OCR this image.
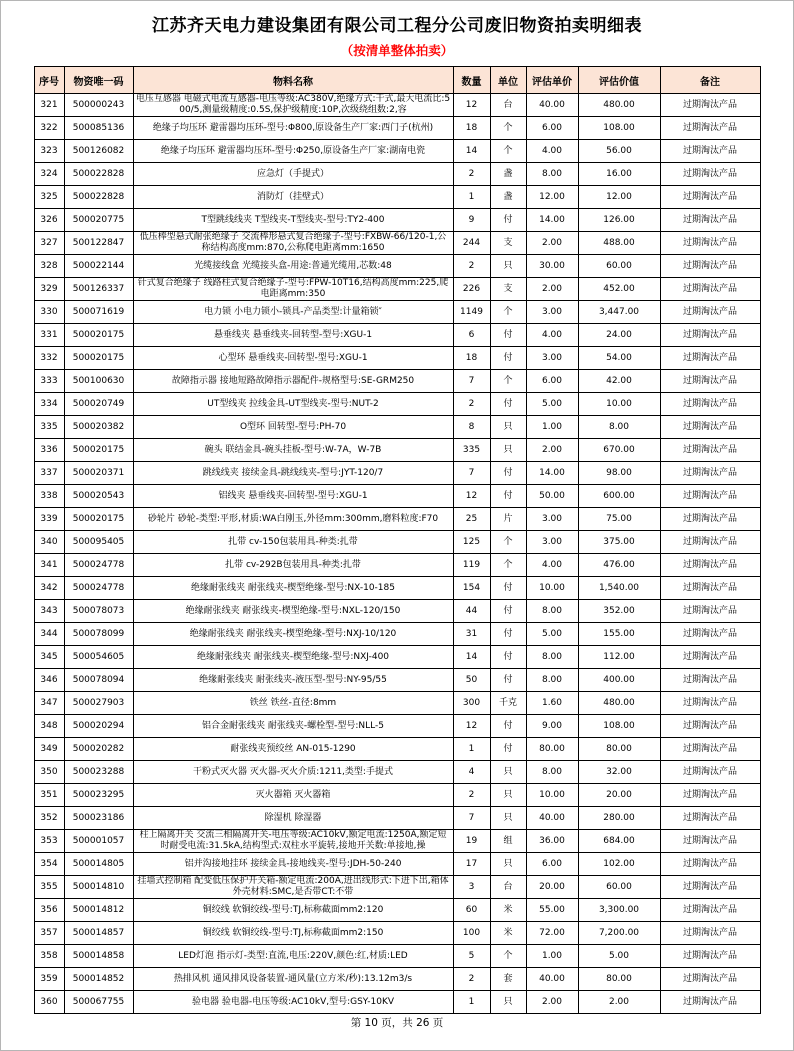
江苏齐天电力建设集团有限公司工程分公司废旧物资拍卖明细表
（按清单整体拍卖）
序号	物资唯一码	物料名称	数量	单位	评估单价	评估价值	备注
321	500000243	电压互感器 电磁式电流互感器-电压等级:AC380V,绝缘方式:干式,最大电流比:500/5,测量级精度:0.5S,保护级精度:10P,次级绕组数:2,容	12	台	40.00	480.00	过期淘汰产品
322	500085136	绝缘子均压环 避雷器均压环-型号:Φ800,原设备生产厂家:西门子(杭州)	18	个	6.00	108.00	过期淘汰产品
323	500126082	绝缘子均压环 避雷器均压环-型号:Φ250,原设备生产厂家:湖南电瓷	14	个	4.00	56.00	过期淘汰产品
324	500022828	应急灯（手提式）	2	盏	8.00	16.00	过期淘汰产品
325	500022828	消防灯（挂壁式）	1	盏	12.00	12.00	过期淘汰产品
326	500020775	T型跳线线夹 T型线夹-T型线夹-型号:TY2-400	9	付	14.00	126.00	过期淘汰产品
327	500122847	低压棒型悬式耐张绝缘子 交流棒形悬式复合绝缘子-型号:FXBW-66/120-1,公称结构高度mm:870,公称爬电距离mm:1650	244	支	2.00	488.00	过期淘汰产品
328	500022144	光缆接线盒 光缆接头盒-用途:普通光缆用,芯数:48	2	只	30.00	60.00	过期淘汰产品
329	500126337	针式复合绝缘子 线路柱式复合绝缘子-型号:FPW-10T16,结构高度mm:225,爬电距离mm:350	226	支	2.00	452.00	过期淘汰产品
330	500071619	电力锁 小电力锁小-锁具-产品类型:计量箱锁″	1149	个	3.00	3,447.00	过期淘汰产品
331	500020175	悬垂线夹 悬垂线夹-回转型-型号:XGU-1	6	付	4.00	24.00	过期淘汰产品
332	500020175	心型环 悬垂线夹-回转型-型号:XGU-1	18	付	3.00	54.00	过期淘汰产品
333	500100630	故障指示器 接地短路故障指示器配件-规格型号:SE-GRM250	7	个	6.00	42.00	过期淘汰产品
334	500020749	UT型线夹 拉线金具-UT型线夹-型号:NUT-2	2	付	5.00	10.00	过期淘汰产品
335	500020382	O型环 回转型-型号:PH-70	8	只	1.00	8.00	过期淘汰产品
336	500020175	碗头 联结金具-碗头挂板-型号:W-7A，W-7B	335	只	2.00	670.00	过期淘汰产品
337	500020371	跳线线夹 接续金具-跳线线夹-型号:JYT-120/7	7	付	14.00	98.00	过期淘汰产品
338	500020543	铝线夹 悬垂线夹-回转型-型号:XGU-1	12	付	50.00	600.00	过期淘汰产品
339	500020175	砂轮片 砂轮-类型:平形,材质:WA白刚玉,外径mm:300mm,磨料粒度:F70	25	片	3.00	75.00	过期淘汰产品
340	500095405	扎带 cv-150包装用具-种类:扎带	125	个	3.00	375.00	过期淘汰产品
341	500024778	扎带 cv-292B包装用具-种类:扎带	119	个	4.00	476.00	过期淘汰产品
342	500024778	绝缘耐张线夹 耐张线夹-楔型绝缘-型号:NX-10-185	154	付	10.00	1,540.00	过期淘汰产品
343	500078073	绝缘耐张线夹 耐张线夹-楔型绝缘-型号:NXL-120/150	44	付	8.00	352.00	过期淘汰产品
344	500078099	绝缘耐张线夹 耐张线夹-楔型绝缘-型号:NXJ-10/120	31	付	5.00	155.00	过期淘汰产品
345	500054605	绝缘耐张线夹 耐张线夹-楔型绝缘-型号:NXJ-400	14	付	8.00	112.00	过期淘汰产品
346	500078094	绝缘耐张线夹 耐张线夹-液压型-型号:NY-95/55	50	付	8.00	400.00	过期淘汰产品
347	500027903	铁丝 铁丝-直径:8mm	300	千克	1.60	480.00	过期淘汰产品
348	500020294	铝合金耐张线夹 耐张线夹-螺栓型-型号:NLL-5	12	付	9.00	108.00	过期淘汰产品
349	500020282	耐张线夹预绞丝 AN-015-1290	1	付	80.00	80.00	过期淘汰产品
350	500023288	干粉式灭火器 灭火器-灭火介质:1211,类型:手提式	4	只	8.00	32.00	过期淘汰产品
351	500023295	灭火器箱 灭火器箱	2	只	10.00	20.00	过期淘汰产品
352	500023186	除湿机 除湿器	7	只	40.00	280.00	过期淘汰产品
353	500001057	柱上隔离开关 交流三相隔离开关-电压等级:AC10kV,额定电流:1250A,额定短时耐受电流:31.5kA,结构型式:双柱水平旋转,接地开关数:单接地,操	19	组	36.00	684.00	过期淘汰产品
354	500014805	铝并沟接地挂环 接续金具-接地线夹-型号:JDH-50-240	17	只	6.00	102.00	过期淘汰产品
355	500014810	挂墙式控制箱 配变低压保护开关箱-额定电流:200A,进出线形式:下进下出,箱体外壳材料:SMC,是否带CT:不带	3	台	20.00	60.00	过期淘汰产品
356	500014812	铜绞线 软铜绞线-型号:TJ,标称截面mm2:120	60	米	55.00	3,300.00	过期淘汰产品
357	500014857	铜绞线 软铜绞线-型号:TJ,标称截面mm2:150	100	米	72.00	7,200.00	过期淘汰产品
358	500014858	LED灯泡 指示灯-类型:直流,电压:220V,颜色:红,材质:LED	5	个	1.00	5.00	过期淘汰产品
359	500014852	热排风机 通风排风设备装置-通风量(立方米/秒):13.12m3/s	2	套	40.00	80.00	过期淘汰产品
360	500067755	验电器 验电器-电压等级:AC10kV,型号:GSY-10KV	1	只	2.00	2.00	过期淘汰产品
第 10 页，共 26 页
